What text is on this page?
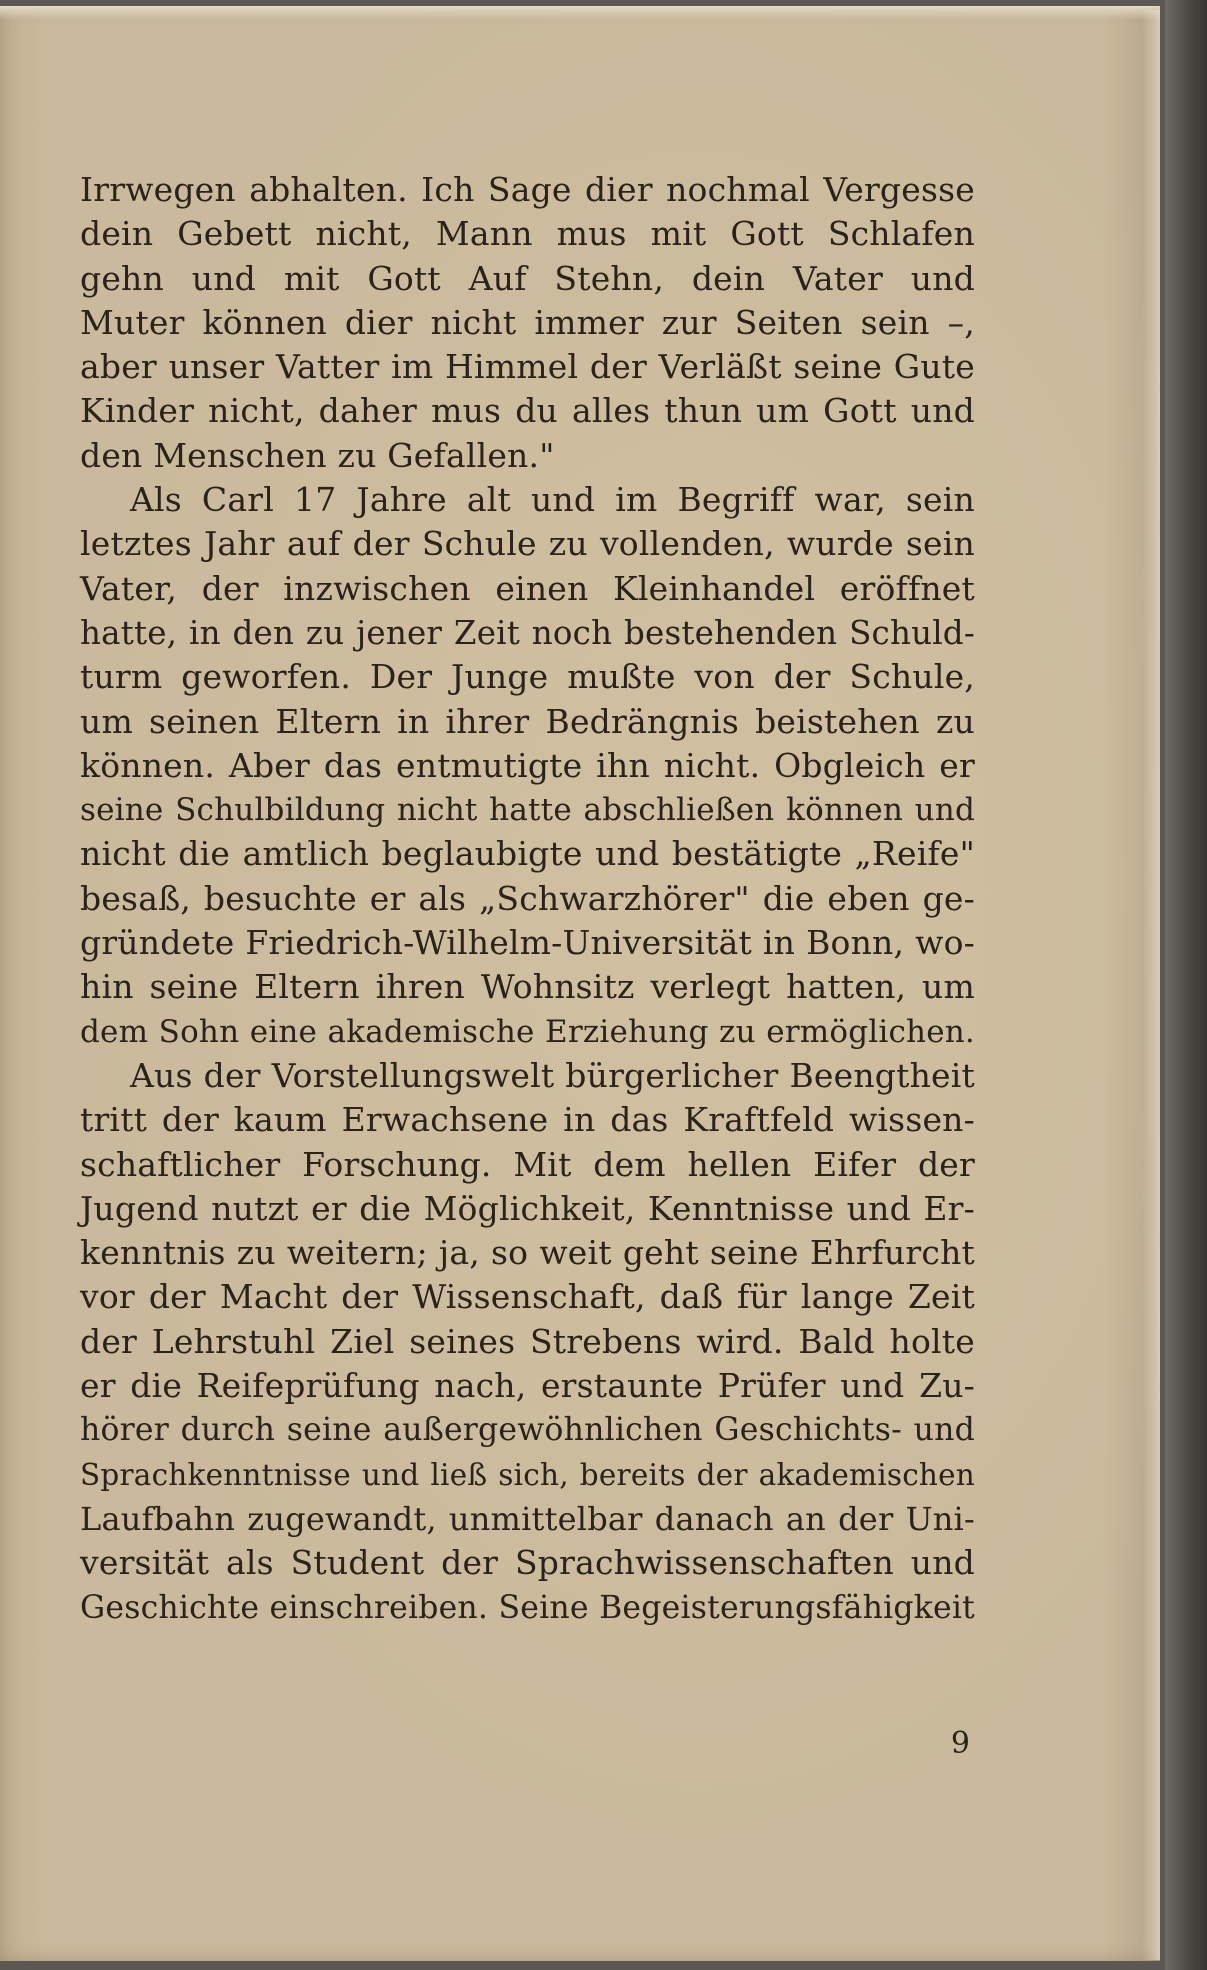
Irrwegen abhalten. Ich Sage dier nochmal Vergesse
dein Gebett nicht, Mann mus mit Gott Schlafen
gehn und mit Gott Auf Stehn, dein Vater und
Muter können dier nicht immer zur Seiten sein –,
aber unser Vatter im Himmel der Verläßt seine Gute
Kinder nicht, daher mus du alles thun um Gott und
den Menschen zu Gefallen."
Als Carl 17 Jahre alt und im Begriff war, sein
letztes Jahr auf der Schule zu vollenden, wurde sein
Vater, der inzwischen einen Kleinhandel eröffnet
hatte, in den zu jener Zeit noch bestehenden Schuld-
turm geworfen. Der Junge mußte von der Schule,
um seinen Eltern in ihrer Bedrängnis beistehen zu
können. Aber das entmutigte ihn nicht. Obgleich er
seine Schulbildung nicht hatte abschließen können und
nicht die amtlich beglaubigte und bestätigte „Reife"
besaß, besuchte er als „Schwarzhörer" die eben ge-
gründete Friedrich-Wilhelm-Universität in Bonn, wo-
hin seine Eltern ihren Wohnsitz verlegt hatten, um
dem Sohn eine akademische Erziehung zu ermöglichen.
Aus der Vorstellungswelt bürgerlicher Beengtheit
tritt der kaum Erwachsene in das Kraftfeld wissen-
schaftlicher Forschung. Mit dem hellen Eifer der
Jugend nutzt er die Möglichkeit, Kenntnisse und Er-
kenntnis zu weitern; ja, so weit geht seine Ehrfurcht
vor der Macht der Wissenschaft, daß für lange Zeit
der Lehrstuhl Ziel seines Strebens wird. Bald holte
er die Reifeprüfung nach, erstaunte Prüfer und Zu-
hörer durch seine außergewöhnlichen Geschichts- und
Sprachkenntnisse und ließ sich, bereits der akademischen
Laufbahn zugewandt, unmittelbar danach an der Uni-
versität als Student der Sprachwissenschaften und
Geschichte einschreiben. Seine Begeisterungsfähigkeit
9
